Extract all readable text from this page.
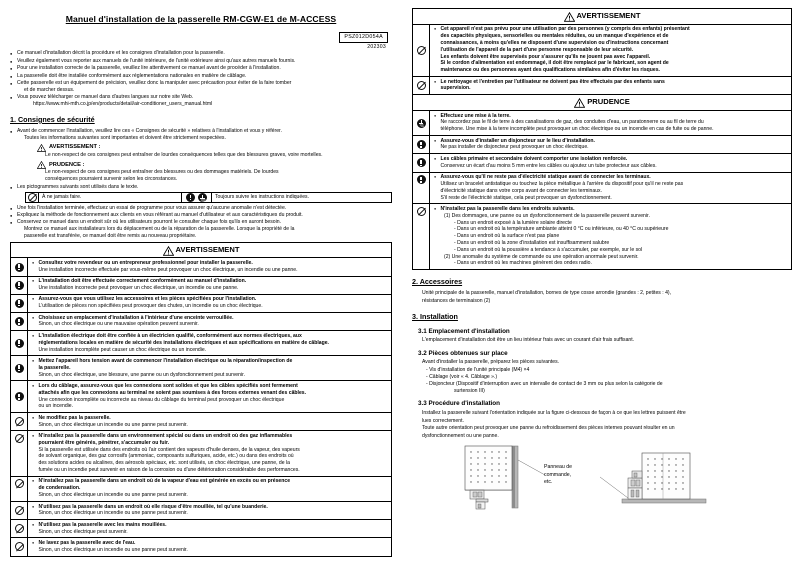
Manuel d'installation de la passerelle RM-CGW-E1 de M-ACCESS
PSZ012D054A
202303
● Ce manuel d'installation décrit la procédure et les consignes d'installation pour la passerelle.
● Veuillez également vous reporter aux manuels de l'unité intérieure, de l'unité extérieure ainsi qu'aux autres manuels fournis.
● Pour une installation correcte de la passerelle, veuillez lire attentivement ce manuel avant de procéder à l'installation.
● La passerelle doit être installée conformément aux réglementations nationales en matière de câblage.
● Cette passerelle est un équipement de précision, veuillez donc la manipuler avec précaution pour éviter de la faire tomber
et de marcher dessus.
● Vous pouvez télécharger ce manuel dans d'autres langues sur notre site Web.
https://www.mhi-mth.co.jp/en/products/detail/air-conditioner_users_manual.html
1. Consignes de sécurité
● Avant de commencer l'installation, veuillez lire ces « Consignes de sécurité » relatives à l'installation et vous y référer.
Toutes les informations suivantes sont importantes et doivent être strictement respectées.
AVERTISSEMENT :
Le non-respect de ces consignes peut entraîner de lourdes conséquences telles que des blessures graves, voire mortelles.
PRUDENCE :
Le non-respect de ces consignes peut entraîner des blessures ou des dommages matériels. De lourdes
conséquences pourraient survenir selon les circonstances.
● Les pictogrammes suivants sont utilisés dans le texte.
À ne jamais faire.	Toujours suivre les instructions indiquées.
● Une fois l'installation terminée, effectuez un essai de programme pour vous assurer qu'aucune anomalie n'est détectée.
● Expliquez la méthode de fonctionnement aux clients en vous référant au manuel d'utilisateur et aux caractéristiques du produit.
● Conservez ce manuel dans un endroit sûr où les utilisateurs pourront le consulter chaque fois qu'ils en auront besoin.
Montrez ce manuel aux installateurs lors du déplacement ou de la réparation de la passerelle. Lorsque la propriété de la
passerelle est transférée, ce manuel doit être remis au nouveau propriétaire.
AVERTISSEMENT
● Consultez votre revendeur ou un entrepreneur professionnel pour installer la passerelle.
Une installation incorrecte effectuée par vous-même peut provoquer un choc électrique, un incendie ou une panne.
● L'installation doit être effectuée correctement conformément au manuel d'installation.
Une installation incorrecte peut provoquer un choc électrique, un incendie ou une panne.
● Assurez-vous que vous utilisez les accessoires et les pièces spécifiées pour l'installation.
L'utilisation de pièces non spécifiées peut provoquer des chutes, un incendie ou un choc électrique.
● Choisissez un emplacement d'installation à l'intérieur d'une enceinte verrouillée.
Sinon, un choc électrique ou une mauvaise opération peuvent survenir.
● L'installation électrique doit être confiée à un électricien qualifié, conformément aux normes électriques, aux
réglementations locales en matière de sécurité des installations électriques et aux spécifications en matière de câblage.
Une installation incomplète peut causer un choc électrique ou un incendie.
● Mettez l'appareil hors tension avant de commencer l'installation électrique ou la réparation/inspection de
la passerelle.
Sinon, un choc électrique, une blessure, une panne ou un dysfonctionnement peut survenir.
● Lors du câblage, assurez-vous que les connexions sont solides et que les câbles spécifiés sont fermement
attachés afin que les connexions au terminal ne soient pas soumises à des forces externes venant des câbles.
Une connexion incomplète ou incorrecte au niveau du câblage du terminal peut provoquer un choc électrique
ou un incendie.
● Ne modifiez pas la passerelle.
Sinon, un choc électrique un incendie ou une panne peut survenir.
● N'installez pas la passerelle dans un environnement spécial ou dans un endroit où des gaz inflammables
pourraient être générés, pénétrer, s'accumuler ou fuir.
Si la passerelle est utilisée dans des endroits où l'air contient des vapeurs d'huile denses, de la vapeur, des vapeurs
de solvant organique, des gaz corrosifs (ammoniac, composants sulfuriques, acide, etc.) ou dans des endroits où
des solutions acides ou alcalines, des aérosols spéciaux, etc. sont utilisés, un choc électrique, une panne, de la
fumée ou un incendie peut survenir en raison de la corrosion ou d'une détérioration considérable des performances.
● N'installez pas la passerelle dans un endroit où de la vapeur d'eau est générée en excès ou en présence
de condensation.
Sinon, un choc électrique un incendie ou une panne peut survenir.
● N'utilisez pas la passerelle dans un endroit où elle risque d'être mouillée, tel qu'une buanderie.
Sinon, un choc électrique un incendie ou une panne peut survenir.
● N'utilisez pas la passerelle avec les mains mouillées.
Sinon, un choc électrique peut survenir.
● Ne lavez pas la passerelle avec de l'eau.
Sinon, un choc électrique un incendie ou une panne peut survenir.
AVERTISSEMENT
● Cet appareil n'est pas prévu pour une utilisation par des personnes (y compris des enfants) présentant
des capacités physiques, sensorielles ou mentales réduites, ou un manque d'expérience et de
connaissances, à moins qu'elles ne disposent d'une supervision ou d'instructions concernant
l'utilisation de l'appareil de la part d'une personne responsable de leur sécurité.
Les enfants doivent être supervisés pour s'assurer qu'ils ne jouent pas avec l'appareil.
Si le cordon d'alimentation est endommagé, il doit être remplacé par le fabricant, son agent de
maintenance ou des personnes ayant des qualifications similaires afin d'éviter les risques.
● Le nettoyage et l'entretien par l'utilisateur ne doivent pas être effectués par des enfants sans
supervision.
PRUDENCE
● Effectuez une mise à la terre.
Ne raccordez pas le fil de terre à des canalisations de gaz, des conduites d'eau, un paratonnerre ou au fil de terre du
téléphone. Une mise à la terre incomplète peut provoquer un choc électrique ou un incendie en cas de fuite ou de panne.
● Assurez-vous d'installer un disjoncteur sur le lieu d'installation.
Ne pas installer de disjoncteur peut provoquer un choc électrique.
● Les câbles primaire et secondaire doivent comporter une isolation renforcée.
Conservez un écart d'au moins 5 mm entre les câbles ou ajoutez un tube protecteur aux câbles.
● Assurez-vous qu'il ne reste pas d'électricité statique avant de connecter les terminaux.
Utilisez un bracelet antistatique ou touchez la pièce métallique à l'arrière du dispositif pour qu'il ne reste pas
d'électricité statique dans votre corps avant de connecter les terminaux.
S'il reste de l'électricité statique, cela peut provoquer un dysfonctionnement.
● N'installez pas la passerelle dans les endroits suivants.
(1) Des dommages, une panne ou un dysfonctionnement de la passerelle peuvent survenir.
- Dans un endroit exposé à la lumière solaire directe
- Dans un endroit où la température ambiante atteint 0 °C ou inférieure, ou 40 °C ou supérieure
- Dans un endroit où la surface n'est pas plane
- Dans un endroit où la zone d'installation est insuffisamment salubre
- Dans un endroit où la poussière a tendance à s'accumuler, par exemple, sur le sol
(2) Une anomalie du système de commande ou une opération anormale peut survenir.
- Dans un endroit où les machines génèrent des ondes radio.
2. Accessoires
Unité principale de la passerelle, manuel d'installation, bornes de type cosse arrondie (grandes : 2, petites : 4),
résistances de terminaison (2)
3. Installation
3.1 Emplacement d'installation
L'emplacement d'installation doit être un lieu intérieur frais avec un courant d'air frais suffisant.
3.2 Pièces obtenues sur place
Avant d'installer la passerelle, préparez les pièces suivantes.
- Vis d'installation de l'unité principale (M4) ×4
- Câblage (voir « 4. Câblage ».)
- Disjoncteur (Dispositif d'interruption avec un intervalle de contact de 3 mm ou plus selon la catégorie de
surtension III)
3.3 Procédure d'installation
Installez la passerelle suivant l'orientation indiquée sur la figure ci-dessous de façon à ce que les lettres puissent être
lues correctement.
Toute autre orientation peut provoquer une panne du refroidissement des pièces internes pouvant résulter en un
dysfonctionnement ou une panne.
Panneau de
commande,
etc.
